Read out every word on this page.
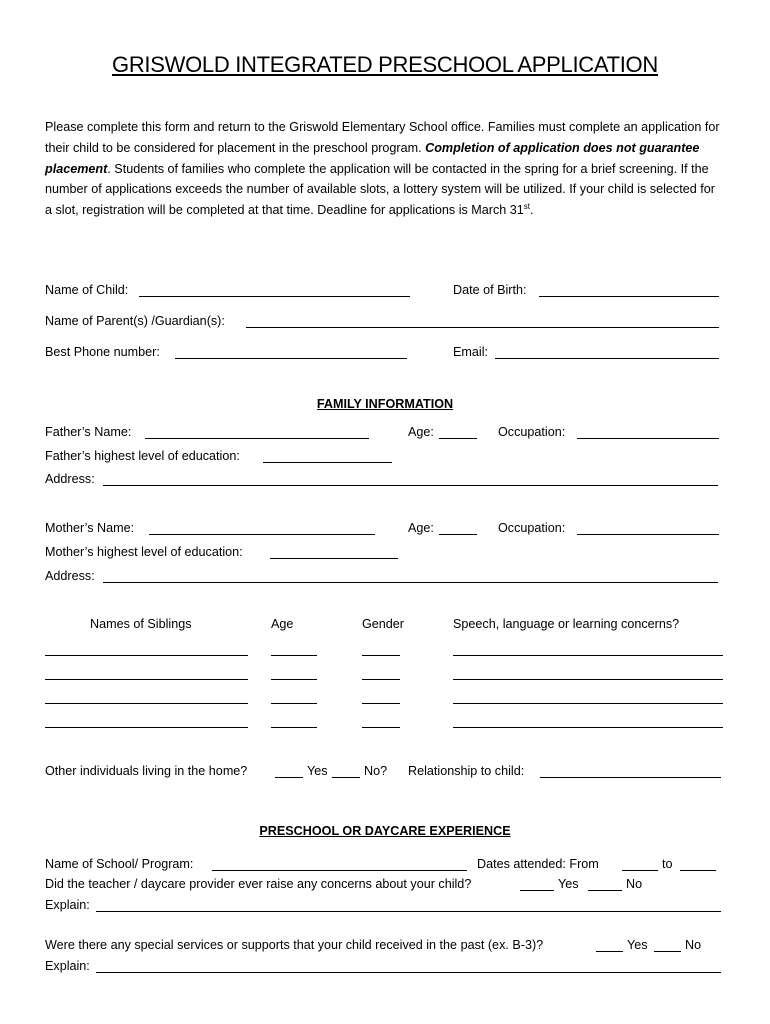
GRISWOLD INTEGRATED PRESCHOOL APPLICATION
Please complete this form and return to the Griswold Elementary School office. Families must complete an application for their child to be considered for placement in the preschool program. Completion of application does not guarantee placement. Students of families who complete the application will be contacted in the spring for a brief screening. If the number of applications exceeds the number of available slots, a lottery system will be utilized. If your child is selected for a slot, registration will be completed at that time. Deadline for applications is March 31st.
Name of Child:	Date of Birth:
Name of Parent(s) /Guardian(s):
Best Phone number:	Email:
FAMILY INFORMATION
Father’s Name:	Age:	Occupation:
Father’s highest level of education:
Address:
Mother’s Name:	Age:	Occupation:
Mother’s highest level of education:
Address:
Names of Siblings	Age	Gender	Speech, language or learning concerns?
Other individuals living in the home?	Yes	No? Relationship to child:
PRESCHOOL OR DAYCARE EXPERIENCE
Name of School/ Program:	Dates attended: From	to
Did the teacher / daycare provider ever raise any concerns about your child?	Yes	No
Explain:
Were there any special services or supports that your child received in the past (ex. B-3)?	Yes	No
Explain:
